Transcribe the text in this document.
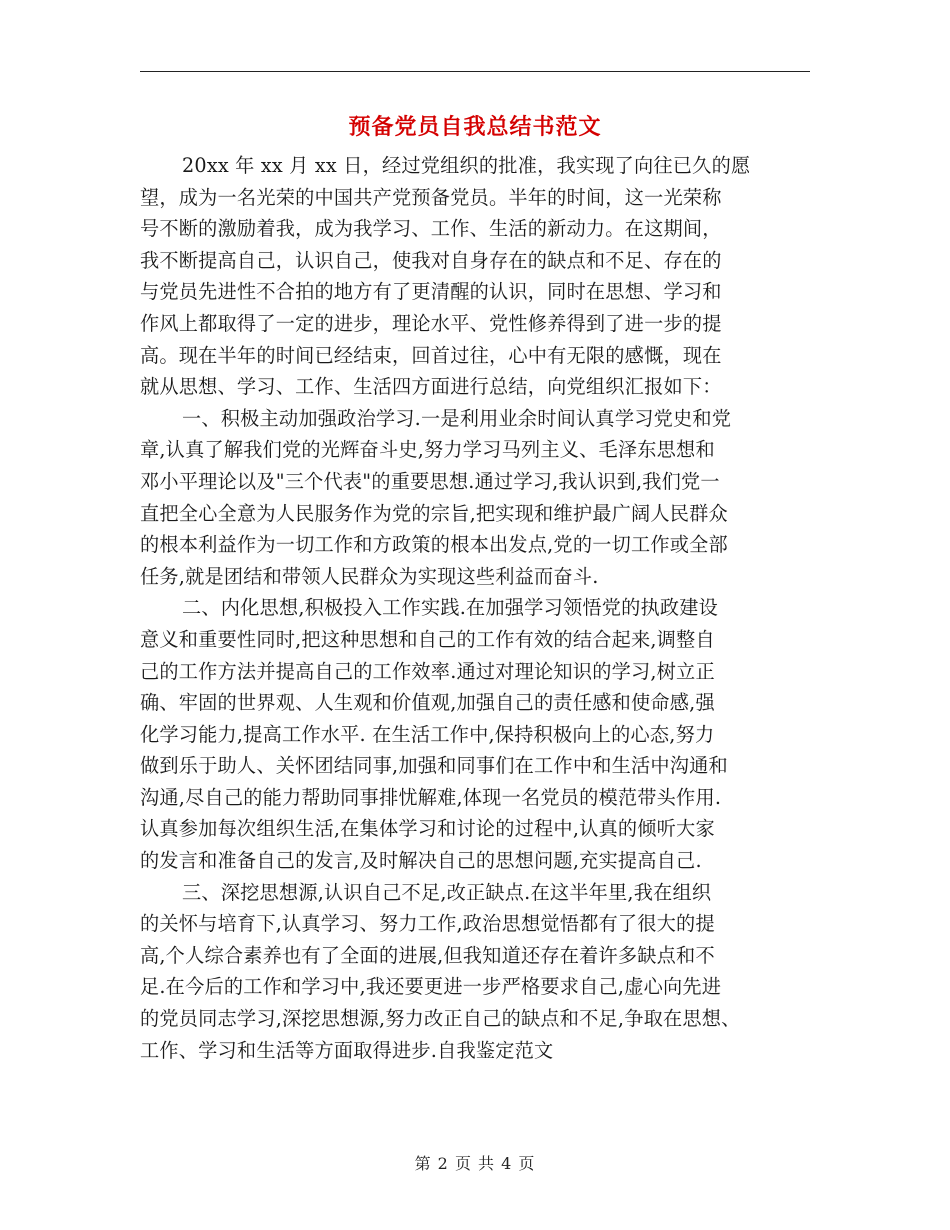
预备党员自我总结书范文
20xx 年 xx 月 xx 日，经过党组织的批准，我实现了向往已久的愿
望，成为一名光荣的中国共产党预备党员。半年的时间，这一光荣称
号不断的激励着我，成为我学习、工作、生活的新动力。在这期间，
我不断提高自己，认识自己，使我对自身存在的缺点和不足、存在的
与党员先进性不合拍的地方有了更清醒的认识，同时在思想、学习和
作风上都取得了一定的进步，理论水平、党性修养得到了进一步的提
高。现在半年的时间已经结束，回首过往，心中有无限的感慨，现在
就从思想、学习、工作、生活四方面进行总结，向党组织汇报如下：
一、积极主动加强政治学习.一是利用业余时间认真学习党史和党
章,认真了解我们党的光辉奋斗史,努力学习马列主义、毛泽东思想和
邓小平理论以及"三个代表"的重要思想.通过学习,我认识到,我们党一
直把全心全意为人民服务作为党的宗旨,把实现和维护最广阔人民群众
的根本利益作为一切工作和方政策的根本出发点,党的一切工作或全部
任务,就是团结和带领人民群众为实现这些利益而奋斗.
二、内化思想,积极投入工作实践.在加强学习领悟党的执政建设
意义和重要性同时,把这种思想和自己的工作有效的结合起来,调整自
己的工作方法并提高自己的工作效率.通过对理论知识的学习,树立正
确、牢固的世界观、人生观和价值观,加强自己的责任感和使命感,强
化学习能力,提高工作水平. 在生活工作中,保持积极向上的心态,努力
做到乐于助人、关怀团结同事,加强和同事们在工作中和生活中沟通和
沟通,尽自己的能力帮助同事排忧解难,体现一名党员的模范带头作用.
认真参加每次组织生活,在集体学习和讨论的过程中,认真的倾听大家
的发言和准备自己的发言,及时解决自己的思想问题,充实提高自己.
三、深挖思想源,认识自己不足,改正缺点.在这半年里,我在组织
的关怀与培育下,认真学习、努力工作,政治思想觉悟都有了很大的提
高,个人综合素养也有了全面的进展,但我知道还存在着许多缺点和不
足.在今后的工作和学习中,我还要更进一步严格要求自己,虚心向先进
的党员同志学习,深挖思想源,努力改正自己的缺点和不足,争取在思想、
工作、学习和生活等方面取得进步.自我鉴定范文
第 2 页 共 4 页
